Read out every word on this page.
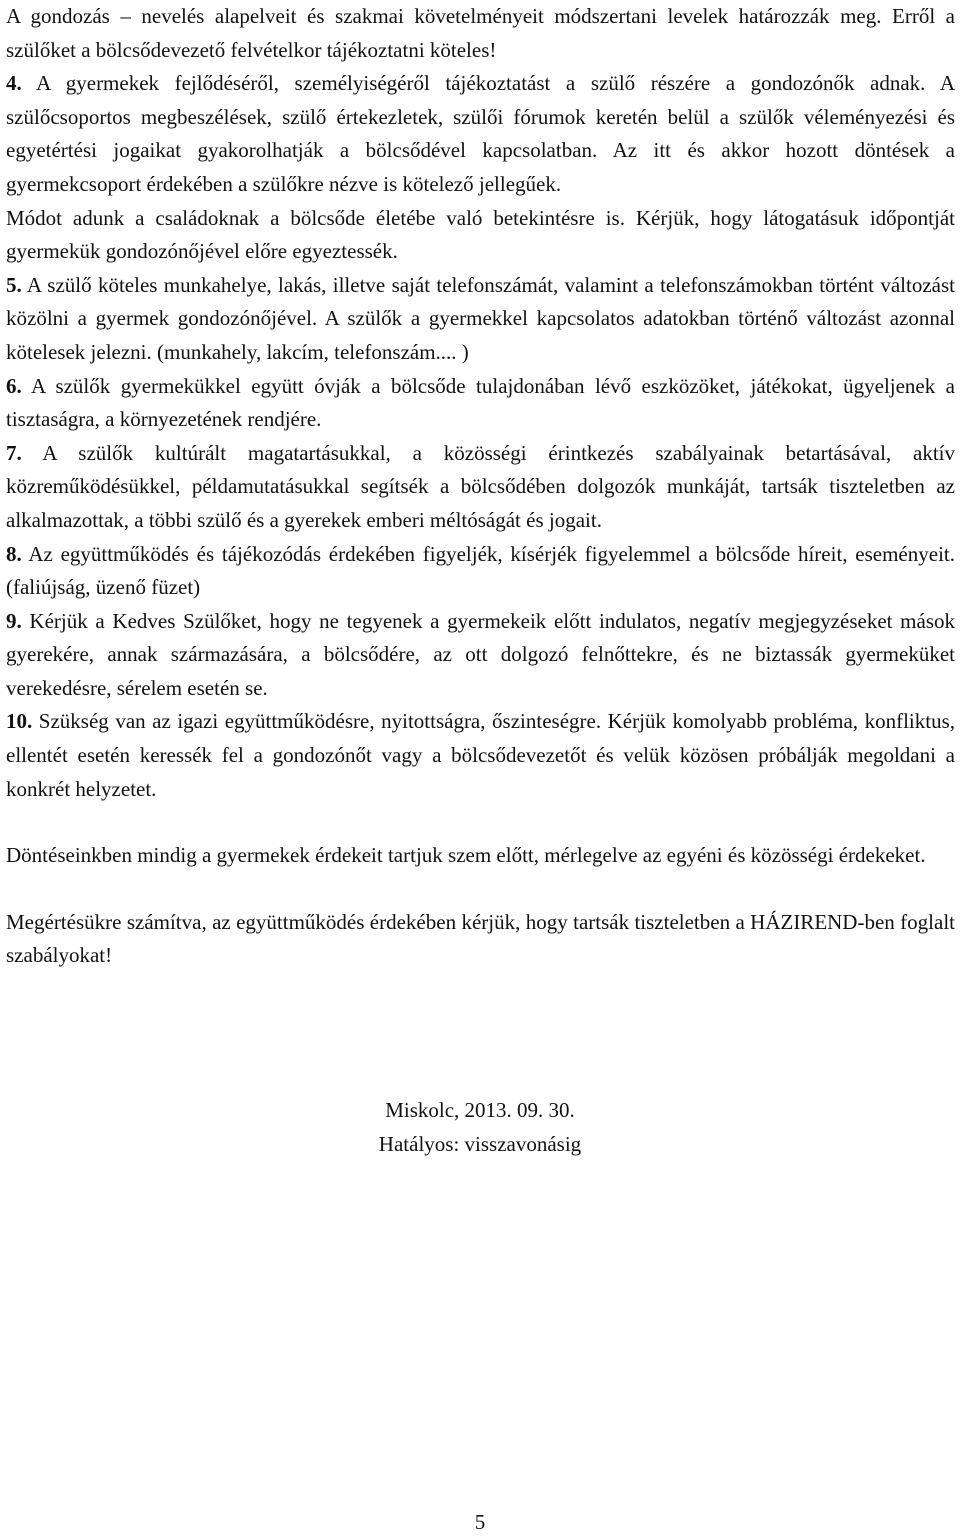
A gondozás – nevelés alapelveit és szakmai követelményeit módszertani levelek határozzák meg. Erről a szülőket a bölcsődevezető felvételkor tájékoztatni köteles!

4. A gyermekek fejlődéséről, személyiségéről tájékoztatást a szülő részére a gondozónők adnak. A szülőcsoportos megbeszélések, szülő értekezletek, szülői fórumok keretén belül a szülők véleményezési és egyetértési jogaikat gyakorolhatják a bölcsődével kapcsolatban. Az itt és akkor hozott döntések a gyermekcsoport érdekében a szülőkre nézve is kötelező jellegűek.

Módot adunk a családoknak a bölcsőde életébe való betekintésre is. Kérjük, hogy látogatásuk időpontját gyermekük gondozónőjével előre egyeztessék.

5. A szülő köteles munkahelye, lakás, illetve saját telefonszámát, valamint a telefonszámokban történt változást közölni a gyermek gondozónőjével. A szülők a gyermekkel kapcsolatos adatokban történő változást azonnal kötelesek jelezni. (munkahely, lakcím, telefonszám.... )

6. A szülők gyermekükkel együtt óvják a bölcsőde tulajdonában lévő eszközöket, játékokat, ügyeljenek a tisztaságra, a környezetének rendjére.

7. A szülők kultúrált magatartásukkal, a közösségi érintkezés szabályainak betartásával, aktív közreműködésükkel, példamutatásukkal segítsék a bölcsődében dolgozók munkáját, tartsák tiszteletben az alkalmazottak, a többi szülő és a gyerekek emberi méltóságát és jogait.

8. Az együttműködés és tájékozódás érdekében figyeljék, kísérjék figyelemmel a bölcsőde híreit, eseményeit. (faliújság, üzenő füzet)

9. Kérjük a Kedves Szülőket, hogy ne tegyenek a gyermekeik előtt indulatos, negatív megjegyzéseket mások gyerekére, annak származására, a bölcsődére, az ott dolgozó felnőttekre, és ne biztassák gyermeküket verekedésre, sérelem esetén se.

10. Szükség van az igazi együttműködésre, nyitottságra, őszinteségre. Kérjük komolyabb probléma, konfliktus, ellentét esetén keressék fel a gondozónőt vagy a bölcsődevezetőt és velük közösen próbálják megoldani a konkrét helyzetet.

Döntéseinkben mindig a gyermekek érdekeit tartjuk szem előtt, mérlegelve az egyéni és közösségi érdekeket.

Megértésükre számítva, az együttműködés érdekében kérjük, hogy tartsák tiszteletben a HÁZIREND-ben foglalt szabályokat!

Miskolc, 2013. 09. 30.
Hatályos: visszavonásig
5
